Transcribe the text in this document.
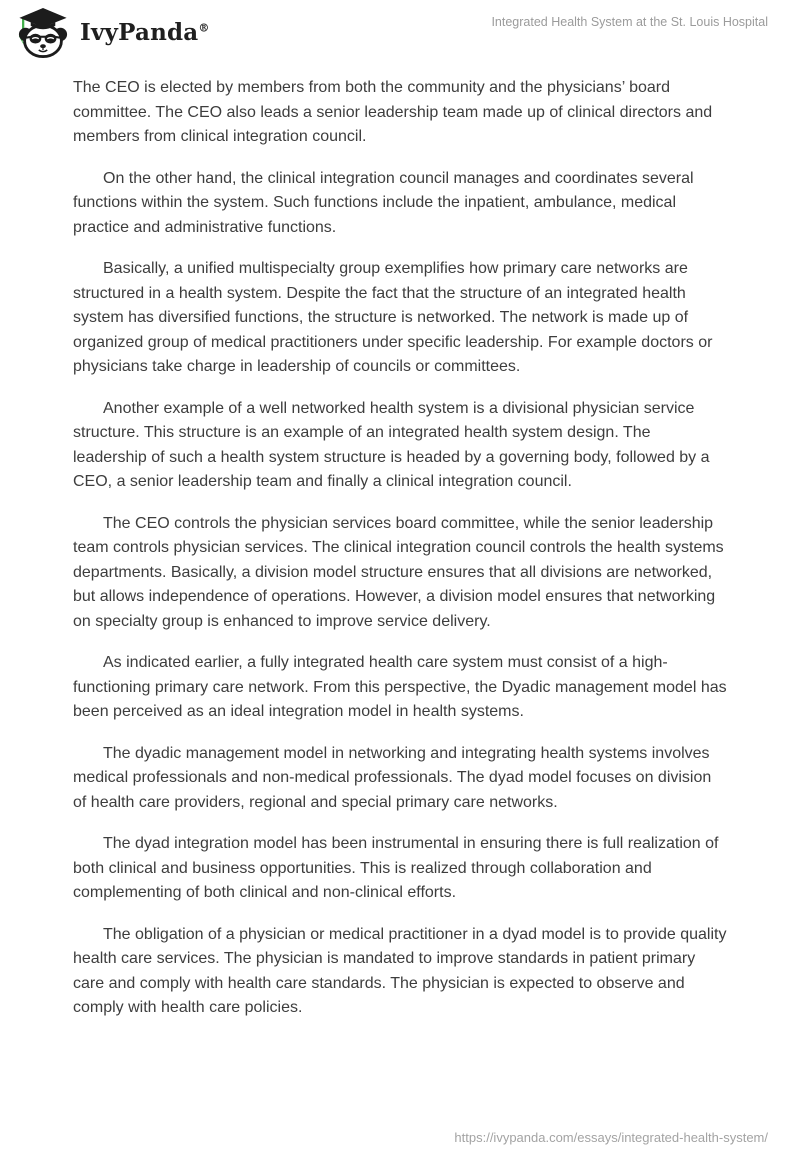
IvyPanda®	Integrated Health System at the St. Louis Hospital

The CEO is elected by members from both the community and the physicians’ board committee. The CEO also leads a senior leadership team made up of clinical directors and members from clinical integration council.

On the other hand, the clinical integration council manages and coordinates several functions within the system. Such functions include the inpatient, ambulance, medical practice and administrative functions.

Basically, a unified multispecialty group exemplifies how primary care networks are structured in a health system. Despite the fact that the structure of an integrated health system has diversified functions, the structure is networked. The network is made up of organized group of medical practitioners under specific leadership. For example doctors or physicians take charge in leadership of councils or committees.

Another example of a well networked health system is a divisional physician service structure. This structure is an example of an integrated health system design. The leadership of such a health system structure is headed by a governing body, followed by a CEO, a senior leadership team and finally a clinical integration council.

The CEO controls the physician services board committee, while the senior leadership team controls physician services. The clinical integration council controls the health systems departments. Basically, a division model structure ensures that all divisions are networked, but allows independence of operations. However, a division model ensures that networking on specialty group is enhanced to improve service delivery.

As indicated earlier, a fully integrated health care system must consist of a high-functioning primary care network. From this perspective, the Dyadic management model has been perceived as an ideal integration model in health systems.

The dyadic management model in networking and integrating health systems involves medical professionals and non-medical professionals. The dyad model focuses on division of health care providers, regional and special primary care networks.

The dyad integration model has been instrumental in ensuring there is full realization of both clinical and business opportunities. This is realized through collaboration and complementing of both clinical and non-clinical efforts.

The obligation of a physician or medical practitioner in a dyad model is to provide quality health care services. The physician is mandated to improve standards in patient primary care and comply with health care standards. The physician is expected to observe and comply with health care policies.

https://ivypanda.com/essays/integrated-health-system/
